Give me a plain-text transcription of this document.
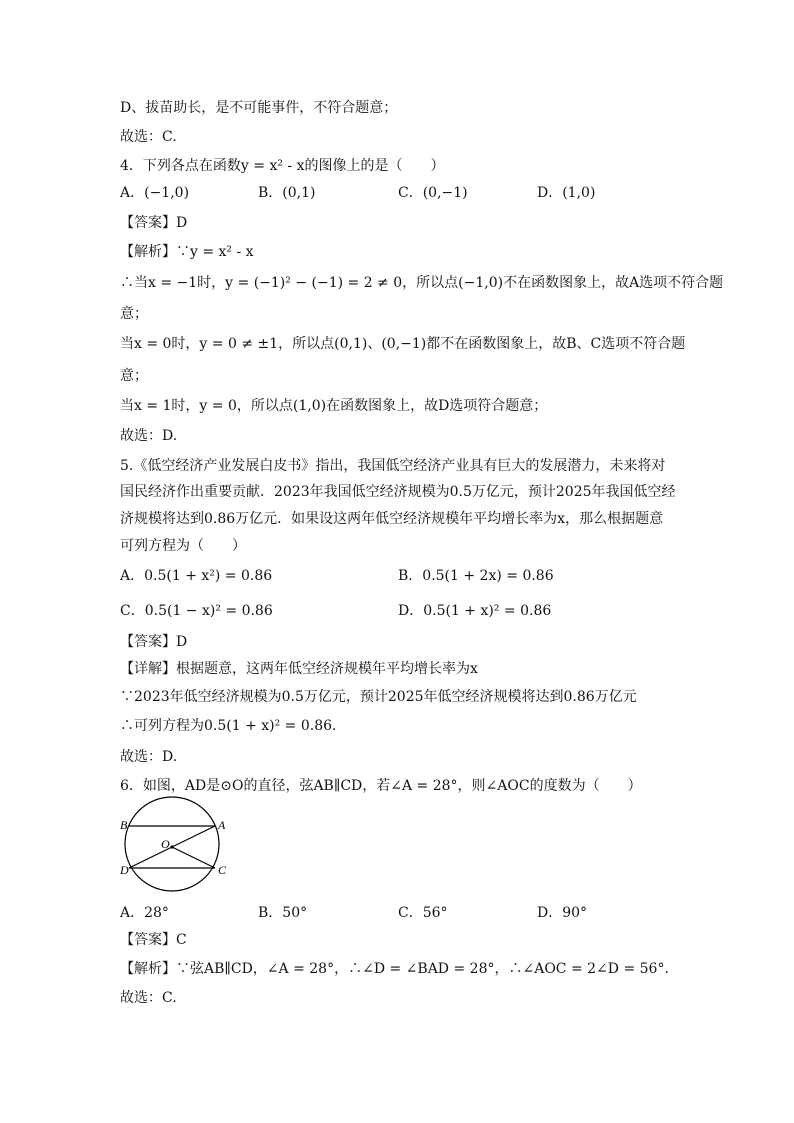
D、拔苗助长，是不可能事件，不符合题意；
故选：C.
4．下列各点在函数y = x² - x的图像上的是（　　）
A．(−1,0)	B．(0,1)	C．(0,−1)	D．(1,0)
【答案】D
【解析】∵y = x² - x
∴当x = −1时，y = (−1)² − (−1) = 2 ≠ 0，所以点(−1,0)不在函数图象上，故A选项不符合题
意；
当x = 0时，y = 0 ≠ ±1，所以点(0,1)、(0,−1)都不在函数图象上，故B、C选项不符合题
意；
当x = 1时，y = 0，所以点(1,0)在函数图象上，故D选项符合题意；
故选：D.
5.《低空经济产业发展白皮书》指出，我国低空经济产业具有巨大的发展潜力，未来将对
国民经济作出重要贡献．2023年我国低空经济规模为0.5万亿元，预计2025年我国低空经
济规模将达到0.86万亿元．如果设这两年低空经济规模年平均增长率为x，那么根据题意
可列方程为（　　）
A．0.5(1 + x²) = 0.86	B．0.5(1 + 2x) = 0.86
C．0.5(1 − x)² = 0.86	D．0.5(1 + x)² = 0.86
【答案】D
【详解】根据题意，这两年低空经济规模年平均增长率为x
∵2023年低空经济规模为0.5万亿元，预计2025年低空经济规模将达到0.86万亿元
∴可列方程为0.5(1 + x)² = 0.86．
故选：D.
6．如图，AD是⊙O的直径，弦AB∥CD，若∠A = 28°，则∠AOC的度数为（　　）
B	A
O
D	C
A．28°	B．50°	C．56°	D．90°
【答案】C
【解析】∵弦AB∥CD，∠A = 28°，∴∠D = ∠BAD = 28°，∴∠AOC = 2∠D = 56°．
故选：C.
